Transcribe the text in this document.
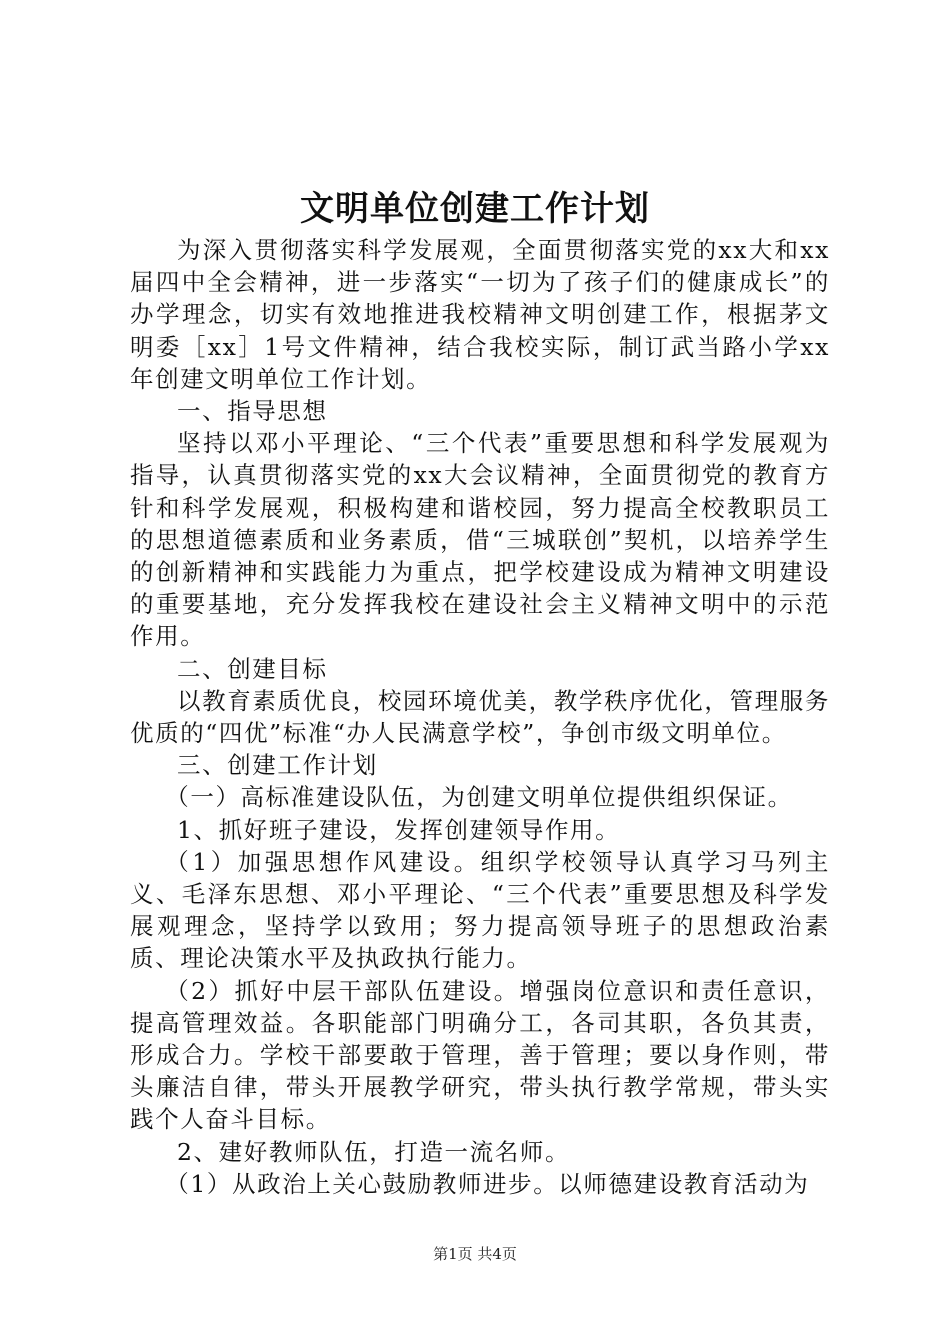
文明单位创建工作计划

为深入贯彻落实科学发展观，全面贯彻落实党的xx大和xx届四中全会精神，进一步落实“一切为了孩子们的健康成长”的办学理念，切实有效地推进我校精神文明创建工作，根据茅文明委［xx］1号文件精神，结合我校实际，制订武当路小学xx年创建文明单位工作计划。

一、指导思想

坚持以邓小平理论、“三个代表”重要思想和科学发展观为指导，认真贯彻落实党的xx大会议精神，全面贯彻党的教育方针和科学发展观，积极构建和谐校园，努力提高全校教职员工的思想道德素质和业务素质，借“三城联创”契机，以培养学生的创新精神和实践能力为重点，把学校建设成为精神文明建设的重要基地，充分发挥我校在建设社会主义精神文明中的示范作用。

二、创建目标

以教育素质优良，校园环境优美，教学秩序优化，管理服务优质的“四优”标准“办人民满意学校”，争创市级文明单位。

三、创建工作计划

（一）高标准建设队伍，为创建文明单位提供组织保证。

1、抓好班子建设，发挥创建领导作用。

（1）加强思想作风建设。组织学校领导认真学习马列主义、毛泽东思想、邓小平理论、“三个代表”重要思想及科学发展观理念，坚持学以致用；努力提高领导班子的思想政治素质、理论决策水平及执政执行能力。

（2）抓好中层干部队伍建设。增强岗位意识和责任意识，提高管理效益。各职能部门明确分工，各司其职，各负其责，形成合力。学校干部要敢于管理，善于管理；要以身作则，带头廉洁自律，带头开展教学研究，带头执行教学常规，带头实践个人奋斗目标。

2、建好教师队伍，打造一流名师。

（1）从政治上关心鼓励教师进步。以师德建设教育活动为

第1页 共4页
